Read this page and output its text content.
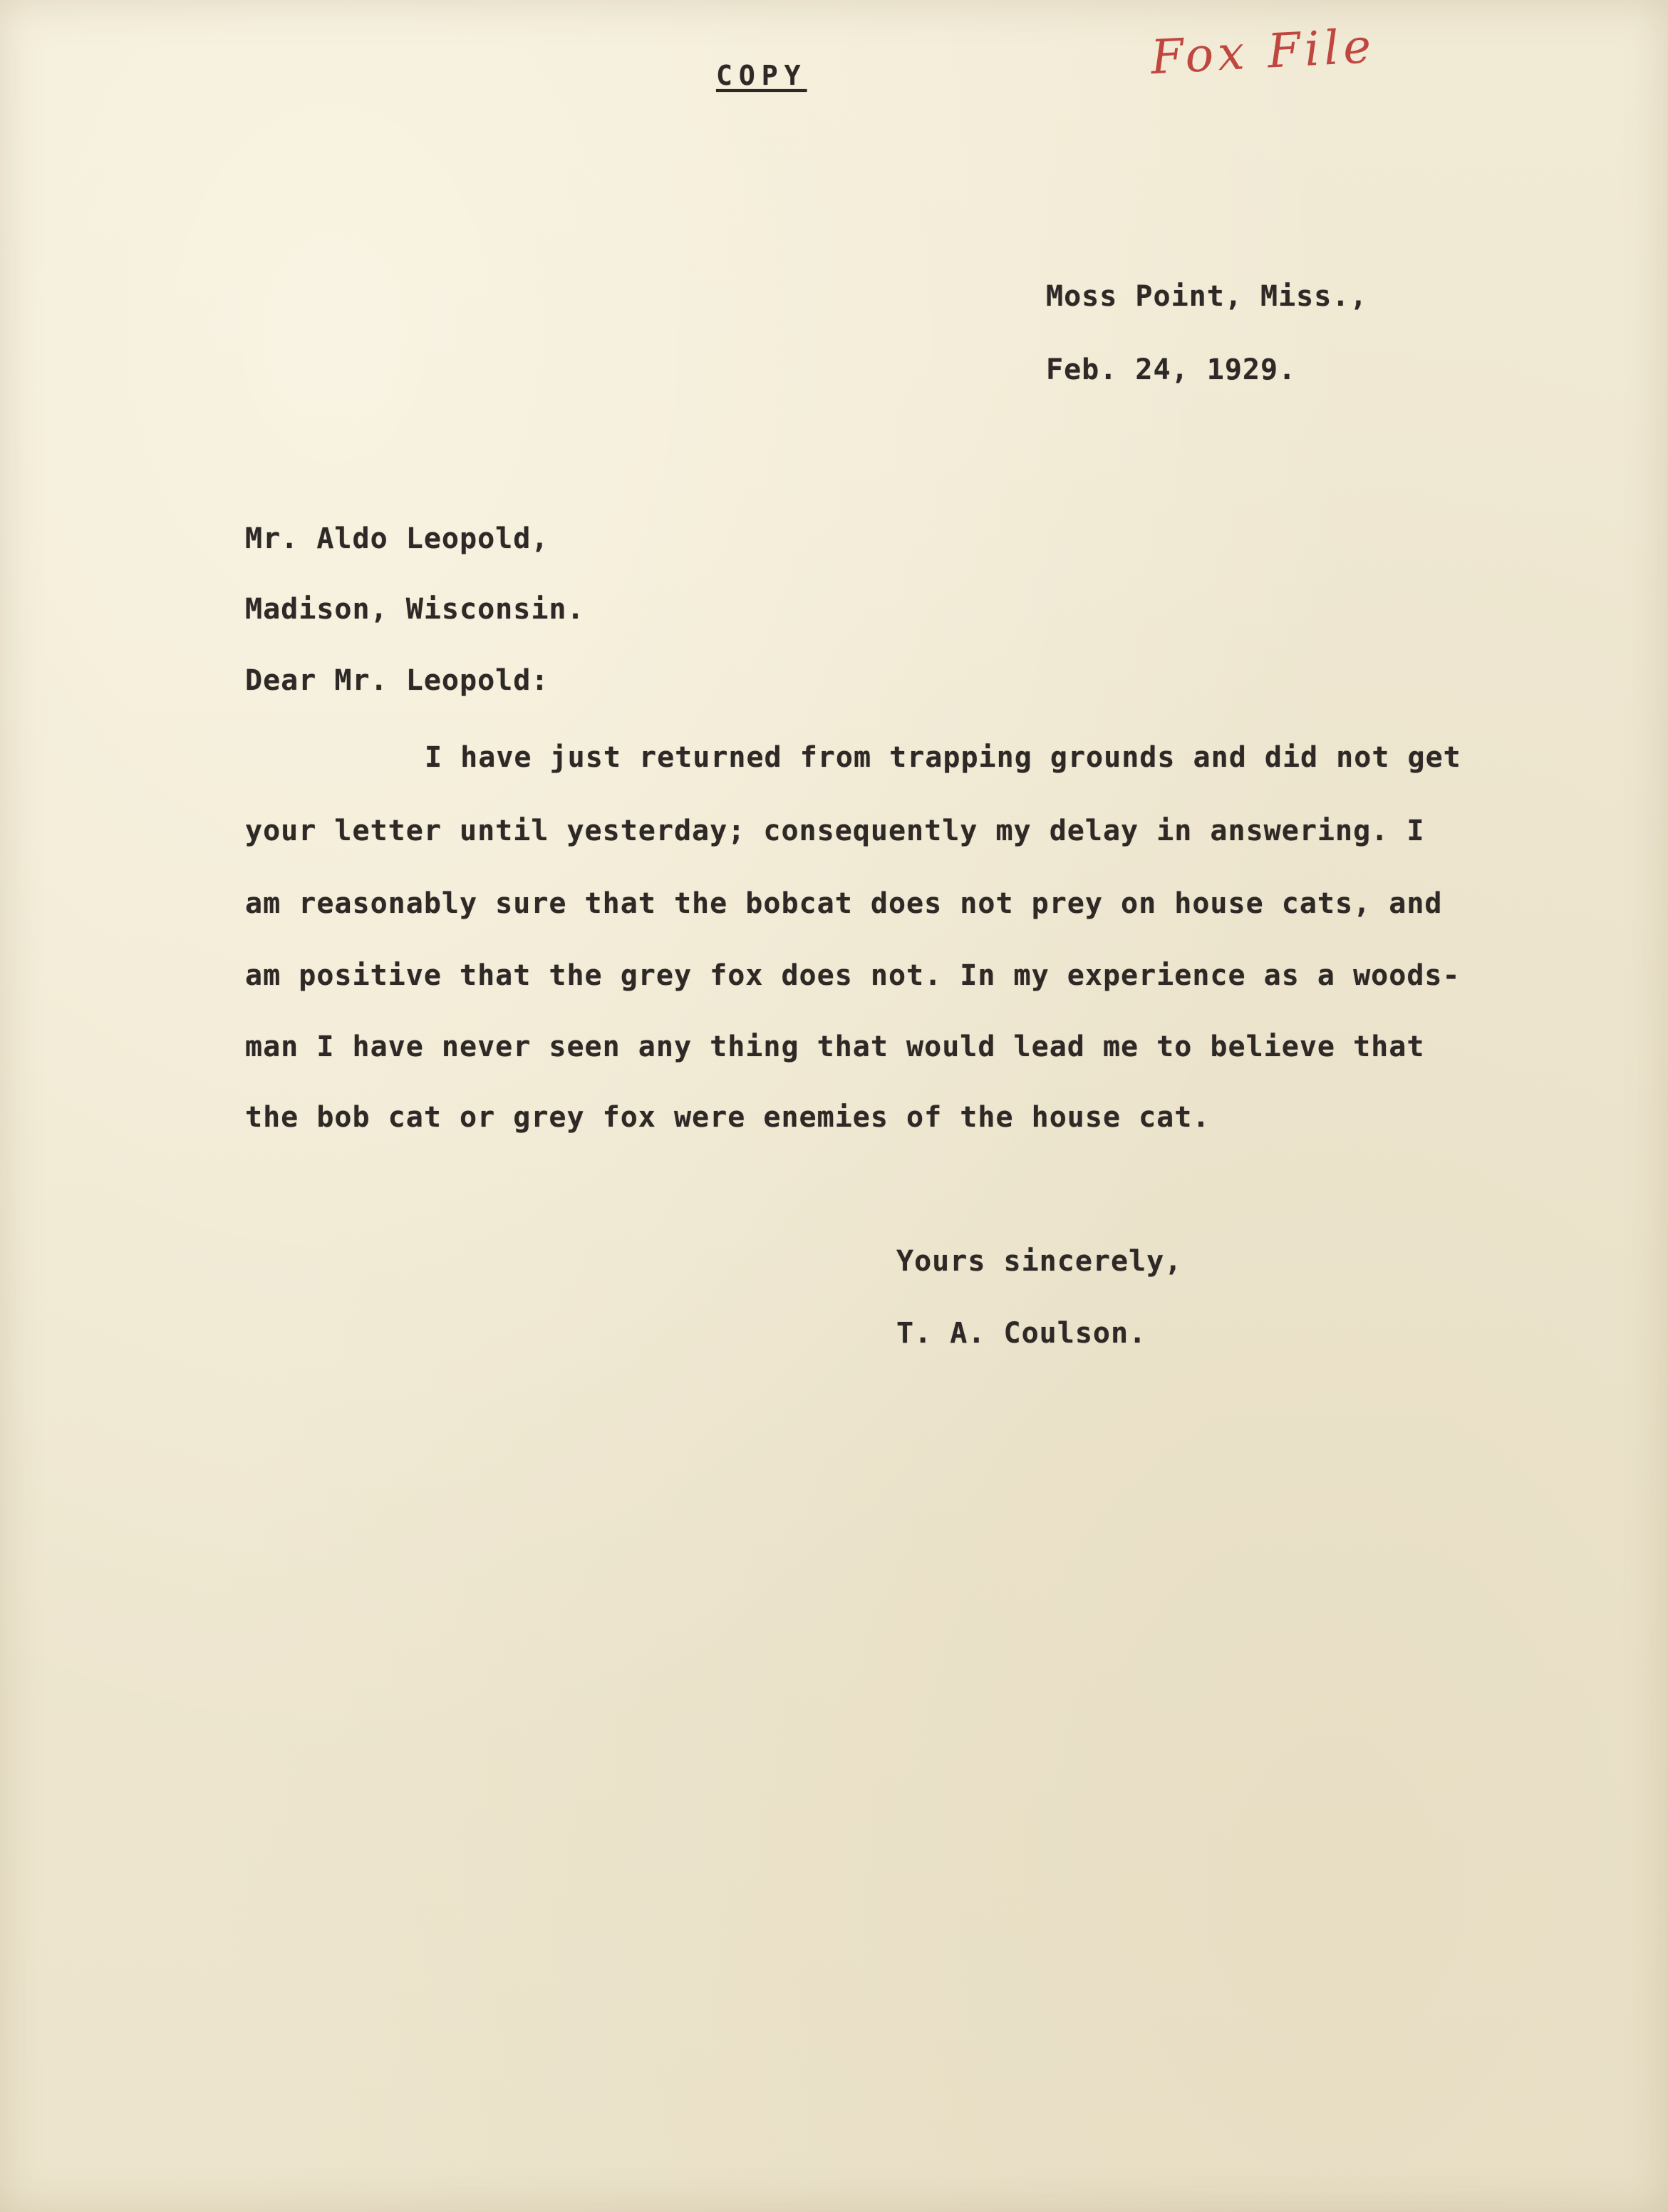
COPY	Fox File
Moss Point, Miss.,
Feb. 24, 1929.
Mr. Aldo Leopold,
Madison, Wisconsin.
Dear Mr. Leopold:
I have just returned from trapping grounds and did not get
your letter until yesterday; consequently my delay in answering. I
am reasonably sure that the bobcat does not prey on house cats, and
am positive that the grey fox does not. In my experience as a woods-
man I have never seen any thing that would lead me to believe that
the bob cat or grey fox were enemies of the house cat.
Yours sincerely,
T. A. Coulson.
